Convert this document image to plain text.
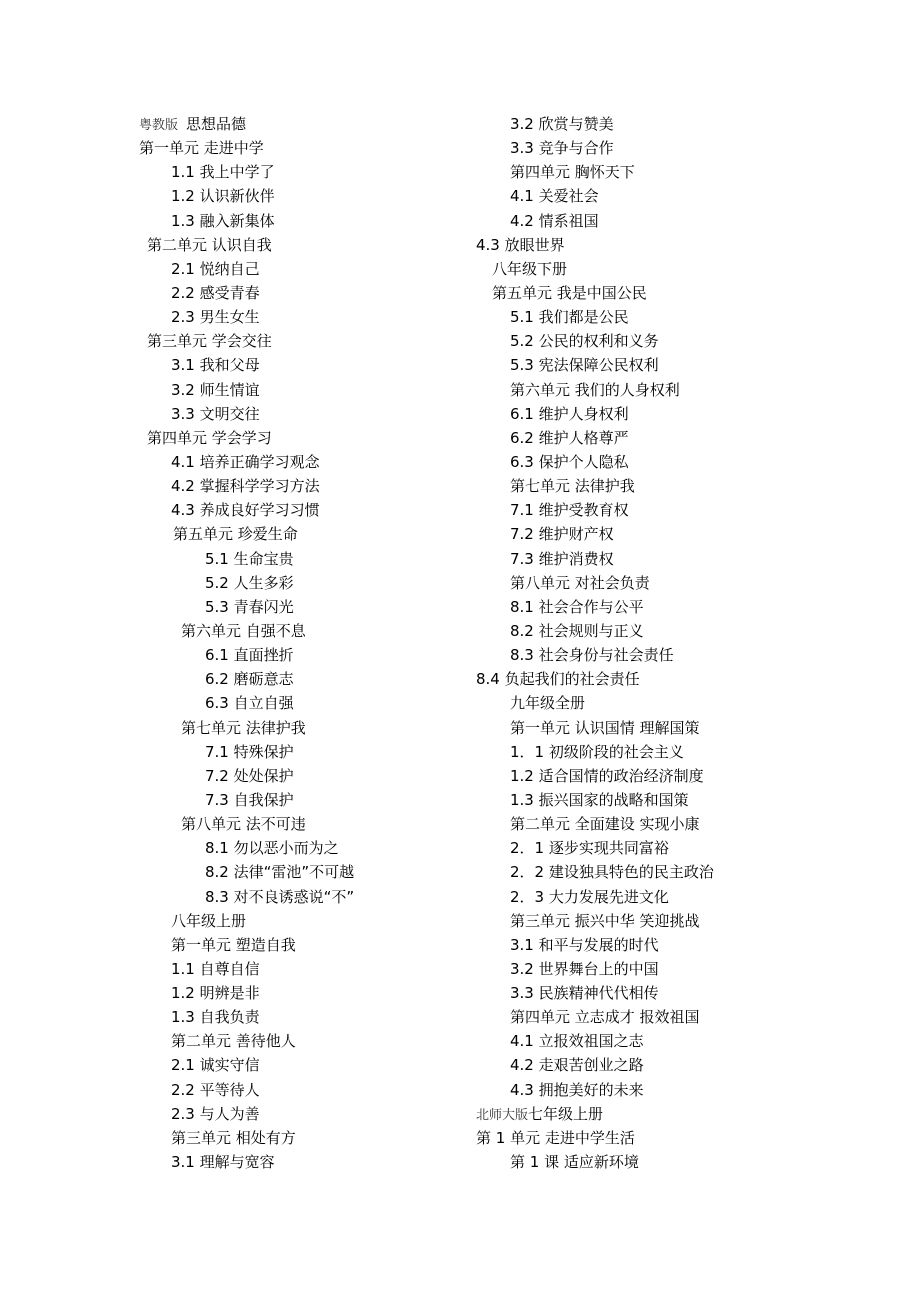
粤教版 思想品德
第一单元 走进中学
1.1 我上中学了
1.2 认识新伙伴
1.3 融入新集体
第二单元 认识自我
2.1 悦纳自己
2.2 感受青春
2.3 男生女生
第三单元 学会交往
3.1 我和父母
3.2 师生情谊
3.3 文明交往
第四单元 学会学习
4.1 培养正确学习观念
4.2 掌握科学学习方法
4.3 养成良好学习习惯
第五单元 珍爱生命
5.1 生命宝贵
5.2 人生多彩
5.3 青春闪光
第六单元 自强不息
6.1 直面挫折
6.2 磨砺意志
6.3 自立自强
第七单元 法律护我
7.1 特殊保护
7.2 处处保护
7.3 自我保护
第八单元 法不可违
8.1 勿以恶小而为之
8.2 法律“雷池”不可越
8.3 对不良诱惑说“不”
八年级上册
第一单元 塑造自我
1.1 自尊自信
1.2 明辨是非
1.3 自我负责
第二单元 善待他人
2.1 诚实守信
2.2 平等待人
2.3 与人为善
第三单元 相处有方
3.1 理解与宽容
3.2 欣赏与赞美
3.3 竞争与合作
第四单元 胸怀天下
4.1 关爱社会
4.2 情系祖国
4.3 放眼世界
八年级下册
第五单元 我是中国公民
5.1 我们都是公民
5.2 公民的权利和义务
5.3 宪法保障公民权利
第六单元 我们的人身权利
6.1 维护人身权利
6.2 维护人格尊严
6.3 保护个人隐私
第七单元 法律护我
7.1 维护受教育权
7.2 维护财产权
7.3 维护消费权
第八单元 对社会负责
8.1 社会合作与公平
8.2 社会规则与正义
8.3 社会身份与社会责任
8.4 负起我们的社会责任
九年级全册
第一单元 认识国情 理解国策
1．1 初级阶段的社会主义
1.2 适合国情的政治经济制度
1.3 振兴国家的战略和国策
第二单元 全面建设 实现小康
2．1 逐步实现共同富裕
2．2 建设独具特色的民主政治
2．3 大力发展先进文化
第三单元 振兴中华 笑迎挑战
3.1 和平与发展的时代
3.2 世界舞台上的中国
3.3 民族精神代代相传
第四单元 立志成才 报效祖国
4.1 立报效祖国之志
4.2 走艰苦创业之路
4.3 拥抱美好的未来
北师大版七年级上册
第 1 单元 走进中学生活
第 1 课 适应新环境
